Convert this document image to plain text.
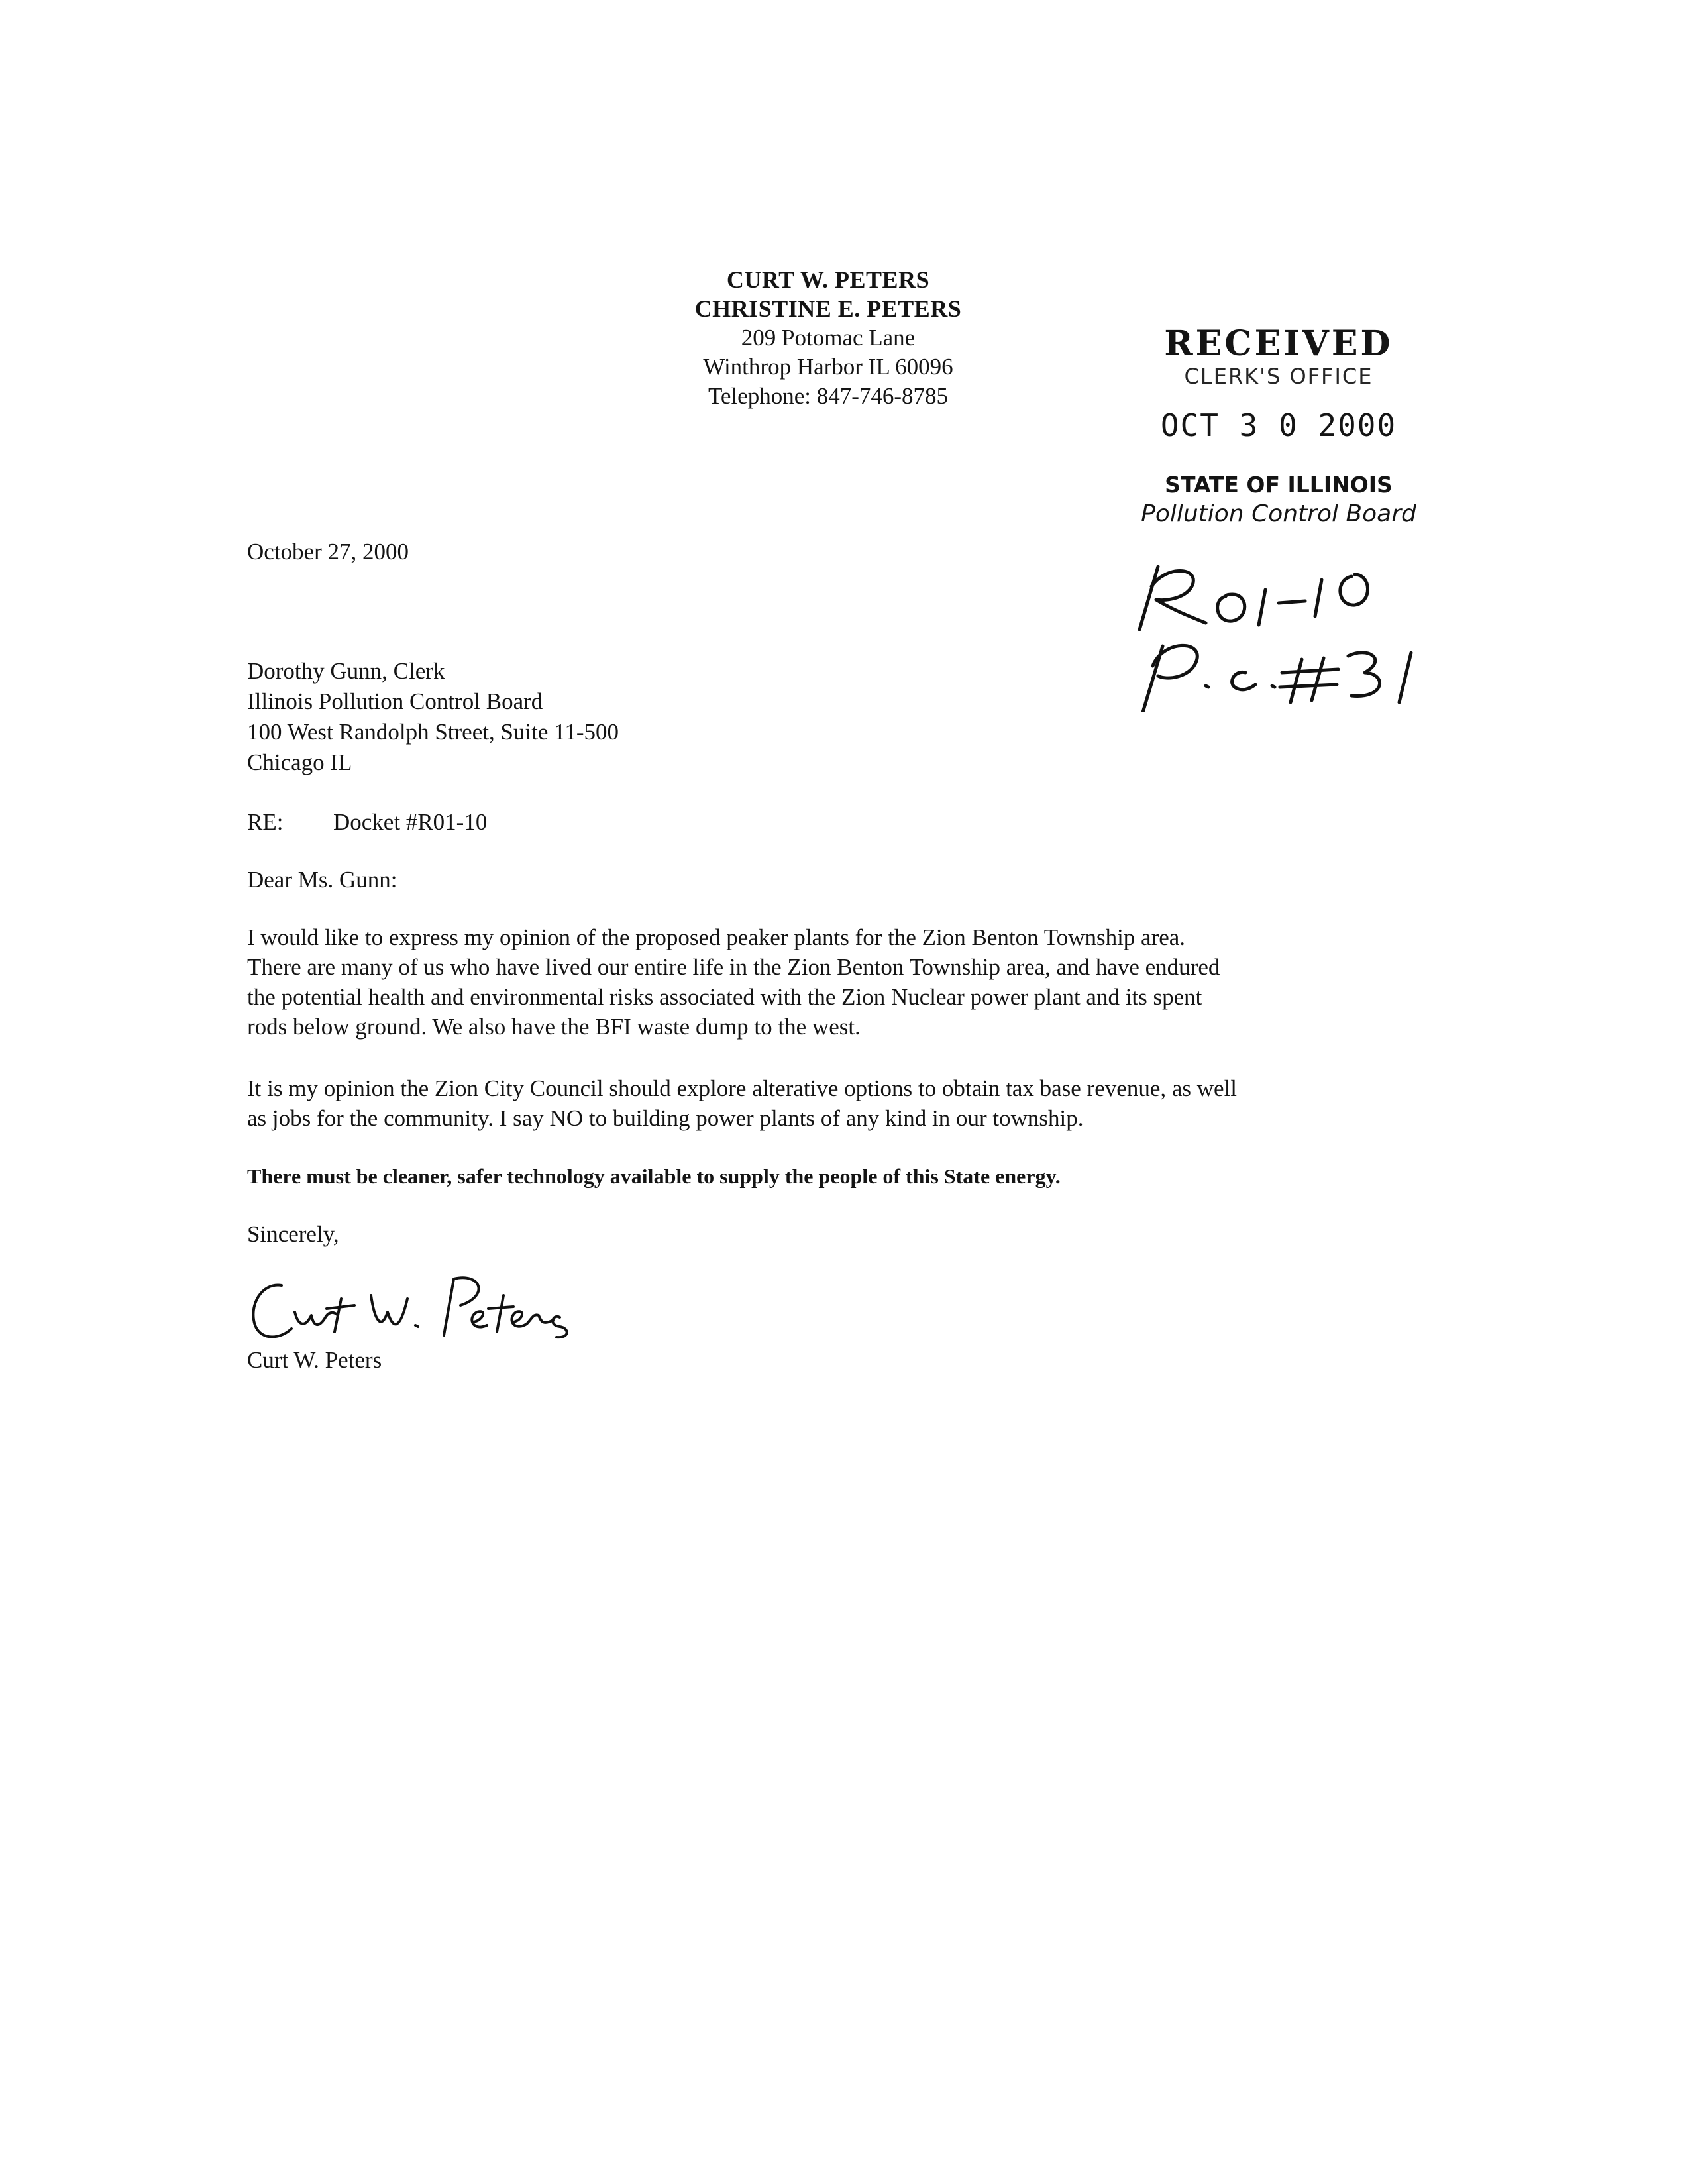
CURT W. PETERS
CHRISTINE E. PETERS
209 Potomac Lane
Winthrop Harbor IL 60096
Telephone: 847-746-8785
RECEIVED
CLERK'S OFFICE
OCT 3 0 2000
STATE OF ILLINOIS
Pollution Control Board
October 27, 2000
Dorothy Gunn, Clerk
Illinois Pollution Control Board
100 West Randolph Street, Suite 11-500
Chicago IL
RE: Docket #R01-10
Dear Ms. Gunn:
I would like to express my opinion of the proposed peaker plants for the Zion Benton Township area.
There are many of us who have lived our entire life in the Zion Benton Township area, and have endured
the potential health and environmental risks associated with the Zion Nuclear power plant and its spent
rods below ground. We also have the BFI waste dump to the west.
It is my opinion the Zion City Council should explore alterative options to obtain tax base revenue, as well
as jobs for the community. I say NO to building power plants of any kind in our township.
There must be cleaner, safer technology available to supply the people of this State energy.
Sincerely,
Curt W. Peters
